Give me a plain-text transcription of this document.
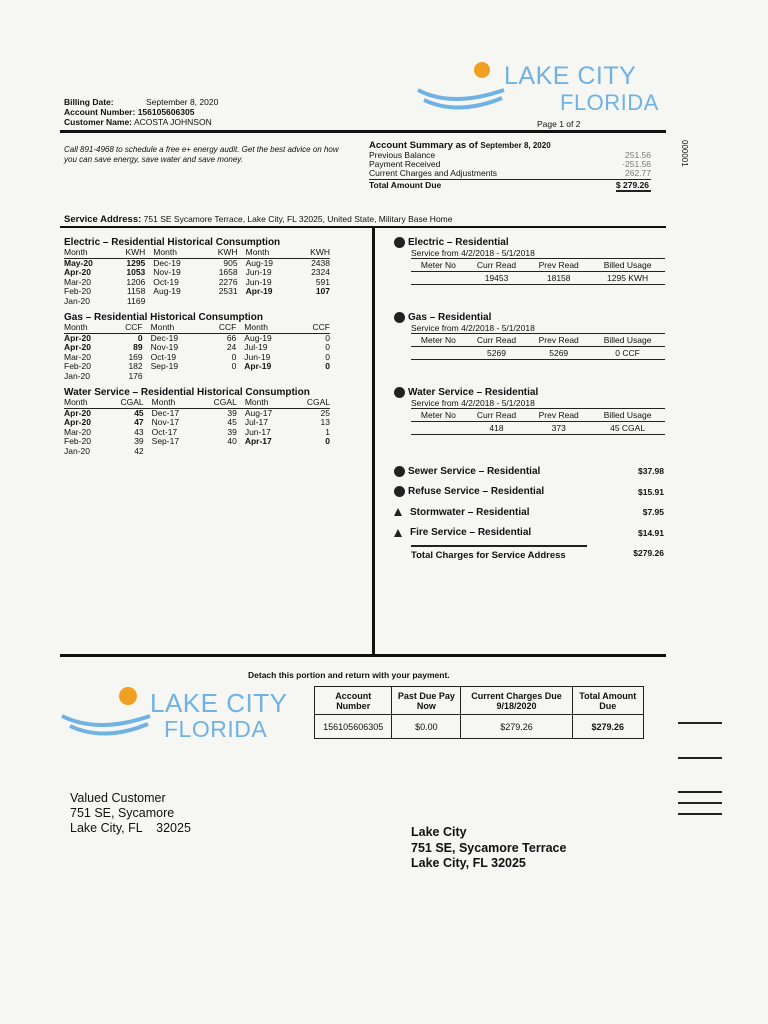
LAKE CITY
FLORIDA
Billing Date:	September 8, 2020
Account Number: 156105606305
Customer Name: ACOSTA JOHNSON	Page 1 of 2
000001
Call 891-4968 to schedule a free e+ energy audit. Get the best advice on how you can save energy, save water and save money.
Account Summary as of September 8, 2020
Previous Balance	251.56
Payment Received	-251.56
Current Charges and Adjustments	262.77
Total Amount Due	$ 279.26
Service Address: 751 SE Sycamore Terrace, Lake City, FL 32025, United State, Military Base Home
Electric – Residential Historical Consumption
Month	KWH	Month	KWH	Month	KWH
May-20	1295	Dec-19	905	Aug-19	2438
Apr-20	1053	Nov-19	1658	Jun-19	2324
Mar-20	1206	Oct-19	2276	Jun-19	591
Feb-20	1158	Aug-19	2531	Apr-19	107
Jan-20	1169				
Gas – Residential Historical Consumption
Month	CCF	Month	CCF	Month	CCF
Apr-20	0	Dec-19	66	Aug-19	0
Apr-20	89	Nov-19	24	Jul-19	0
Mar-20	169	Oct-19	0	Jun-19	0
Feb-20	182	Sep-19	0	Apr-19	0
Jan-20	176				
Water Service – Residential Historical Consumption
Month	CGAL	Month	CGAL	Month	CGAL
Apr-20	45	Dec-17	39	Aug-17	25
Apr-20	47	Nov-17	45	Jul-17	13
Mar-20	43	Oct-17	39	Jun-17	1
Feb-20	39	Sep-17	40	Apr-17	0
Jan-20	42				
Electric – Residential
Service from 4/2/2018 - 5/1/2018
Meter No	Curr Read	Prev Read	Billed Usage
	19453	18158	1295 KWH
Gas – Residential
Service from 4/2/2018 - 5/1/2018
Meter No	Curr Read	Prev Read	Billed Usage
	5269	5269	0 CCF
Water Service – Residential
Service from 4/2/2018 - 5/1/2018
Meter No	Curr Read	Prev Read	Billed Usage
	418	373	45 CGAL
Sewer Service – Residential	$37.98
Refuse Service – Residential	$15.91
Stormwater – Residential	$7.95
Fire Service – Residential	$14.91
Total Charges for Service Address	$279.26
Detach this portion and return with your payment.
LAKE CITY
FLORIDA
Account Number	Past Due Pay Now	Current Charges Due 9/18/2020	Total Amount Due
156105606305	$0.00	$279.26	$279.26
Valued Customer
751 SE, Sycamore
Lake City, FL    32025	Lake City
751 SE, Sycamore Terrace
Lake City, FL 32025
